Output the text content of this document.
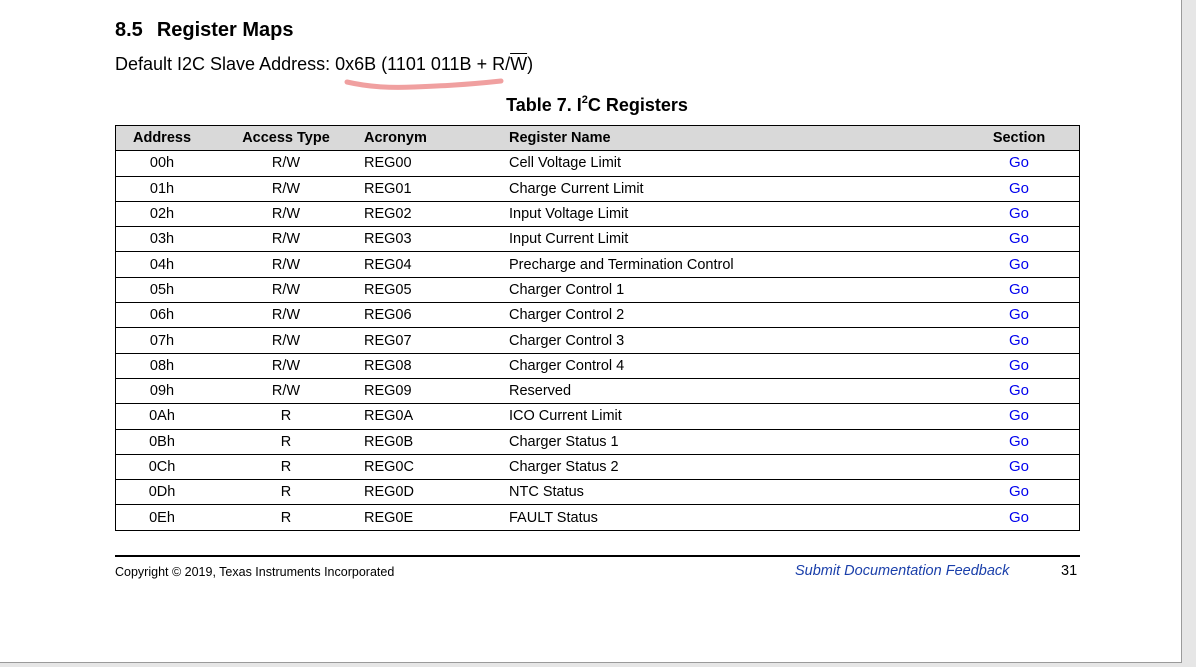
8.5 Register Maps
Default I2C Slave Address: 0x6B (1101 $011B + R/\overline{W}$)
Table 7. $I^2C$ Registers
Address	Access Type	Acronym	Register Name	Section
00h	R/W	REG00	Cell Voltage Limit	Go
01h	R/W	REG01	Charge Current Limit	Go
02h	R/W	REG02	Input Voltage Limit	Go
03h	R/W	REG03	Input Current Limit	Go
04h	R/W	REG04	Precharge and Termination Control	Go
05h	R/W	REG05	Charger Control 1	Go
06h	R/W	REG06	Charger Control 2	Go
07h	R/W	REG07	Charger Control 3	Go
08h	R/W	REG08	Charger Control 4	Go
09h	R/W	REG09	Reserved	Go
0Ah	R	REG0A	ICO Current Limit	Go
0Bh	R	REG0B	Charger Status 1	Go
0Ch	R	REG0C	Charger Status 2	Go
0Dh	R	REG0D	NTC Status	Go
0Eh	R	REG0E	FAULT Status	Go
Copyright © 2019, Texas Instruments Incorporated	Submit Documentation Feedback	31
